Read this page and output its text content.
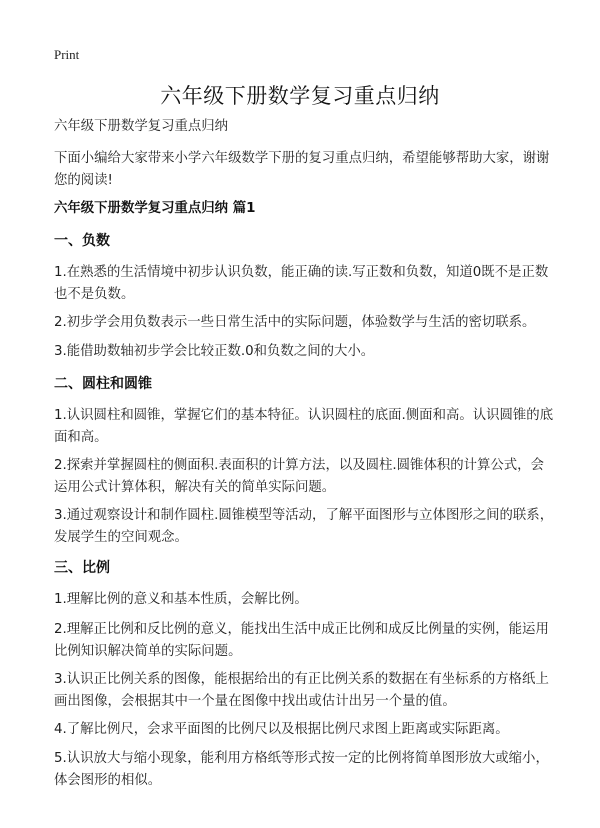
Print
六年级下册数学复习重点归纳
六年级下册数学复习重点归纳
下面小编给大家带来小学六年级数学下册的复习重点归纳，希望能够帮助大家，谢谢您的阅读!
六年级下册数学复习重点归纳 篇1
一、负数
1.在熟悉的生活情境中初步认识负数，能正确的读.写正数和负数，知道0既不是正数也不是负数。
2.初步学会用负数表示一些日常生活中的实际问题，体验数学与生活的密切联系。
3.能借助数轴初步学会比较正数.0和负数之间的大小。
二、圆柱和圆锥
1.认识圆柱和圆锥，掌握它们的基本特征。认识圆柱的底面.侧面和高。认识圆锥的底面和高。
2.探索并掌握圆柱的侧面积.表面积的计算方法，以及圆柱.圆锥体积的计算公式，会运用公式计算体积，解决有关的简单实际问题。
3.通过观察设计和制作圆柱.圆锥模型等活动，了解平面图形与立体图形之间的联系，发展学生的空间观念。
三、比例
1.理解比例的意义和基本性质，会解比例。
2.理解正比例和反比例的意义，能找出生活中成正比例和成反比例量的实例，能运用比例知识解决简单的实际问题。
3.认识正比例关系的图像，能根据给出的有正比例关系的数据在有坐标系的方格纸上画出图像，会根据其中一个量在图像中找出或估计出另一个量的值。
4.了解比例尺，会求平面图的比例尺以及根据比例尺求图上距离或实际距离。
5.认识放大与缩小现象，能利用方格纸等形式按一定的比例将简单图形放大或缩小，体会图形的相似。
